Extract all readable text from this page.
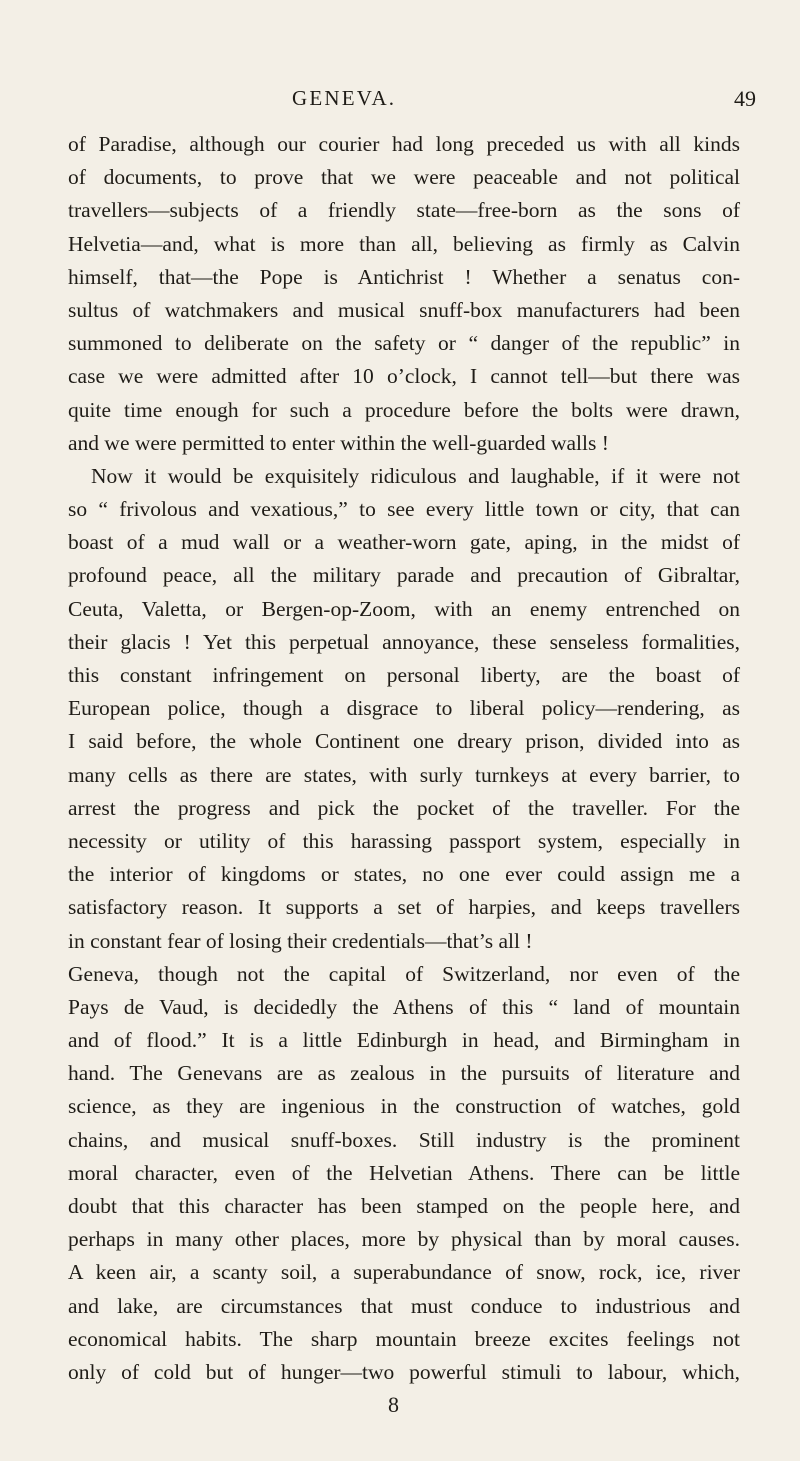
GENEVA.	49
of Paradise, although our courier had long preceded us with all kinds
of documents, to prove that we were peaceable and not political
travellers—subjects of a friendly state—free-born as the sons of
Helvetia—and, what is more than all, believing as firmly as Calvin
himself, that—the Pope is Antichrist ! Whether a senatus con-
sultus of watchmakers and musical snuff-box manufacturers had been
summoned to deliberate on the safety or “ danger of the republic” in
case we were admitted after 10 o’clock, I cannot tell—but there was
quite time enough for such a procedure before the bolts were drawn,
and we were permitted to enter within the well-guarded walls !
Now it would be exquisitely ridiculous and laughable, if it were not
so “ frivolous and vexatious,” to see every little town or city, that can
boast of a mud wall or a weather-worn gate, aping, in the midst of
profound peace, all the military parade and precaution of Gibraltar,
Ceuta, Valetta, or Bergen-op-Zoom, with an enemy entrenched on
their glacis ! Yet this perpetual annoyance, these senseless formalities,
this constant infringement on personal liberty, are the boast of
European police, though a disgrace to liberal policy—rendering, as
I said before, the whole Continent one dreary prison, divided into as
many cells as there are states, with surly turnkeys at every barrier, to
arrest the progress and pick the pocket of the traveller. For the
necessity or utility of this harassing passport system, especially in
the interior of kingdoms or states, no one ever could assign me a
satisfactory reason. It supports a set of harpies, and keeps travellers
in constant fear of losing their credentials—that’s all !
Geneva, though not the capital of Switzerland, nor even of the
Pays de Vaud, is decidedly the Athens of this “ land of mountain
and of flood.” It is a little Edinburgh in head, and Birmingham in
hand. The Genevans are as zealous in the pursuits of literature and
science, as they are ingenious in the construction of watches, gold
chains, and musical snuff-boxes. Still industry is the prominent
moral character, even of the Helvetian Athens. There can be little
doubt that this character has been stamped on the people here, and
perhaps in many other places, more by physical than by moral causes.
A keen air, a scanty soil, a superabundance of snow, rock, ice, river
and lake, are circumstances that must conduce to industrious and
economical habits. The sharp mountain breeze excites feelings not
only of cold but of hunger—two powerful stimuli to labour, which,
8
